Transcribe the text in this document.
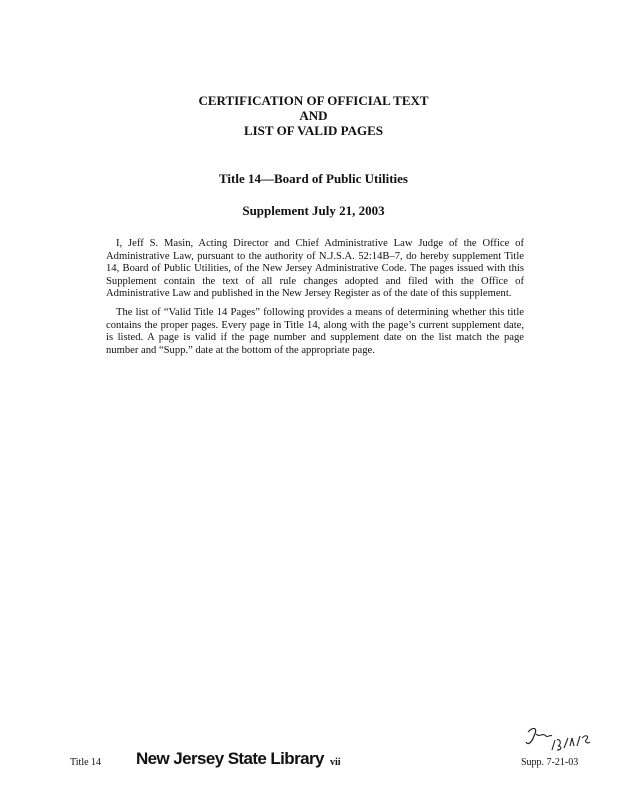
CERTIFICATION OF OFFICIAL TEXT
AND
LIST OF VALID PAGES
Title 14—Board of Public Utilities
Supplement July 21, 2003

I, Jeff S. Masin, Acting Director and Chief Administrative Law Judge of the Office of Administrative Law, pursuant to the authority of N.J.S.A. 52:14B–7, do hereby supplement Title 14, Board of Public Utilities, of the New Jersey Administrative Code. The pages issued with this Supplement contain the text of all rule changes adopted and filed with the Office of Administrative Law and published in the New Jersey Register as of the date of this supplement.

The list of “Valid Title 14 Pages” following provides a means of determining whether this title contains the proper pages. Every page in Title 14, along with the page’s current supplement date, is listed. A page is valid if the page number and supplement date on the list match the page number and “Supp.” date at the bottom of the appropriate page.

Title 14 New Jersey State Library vii	Supp. 7-21-03
